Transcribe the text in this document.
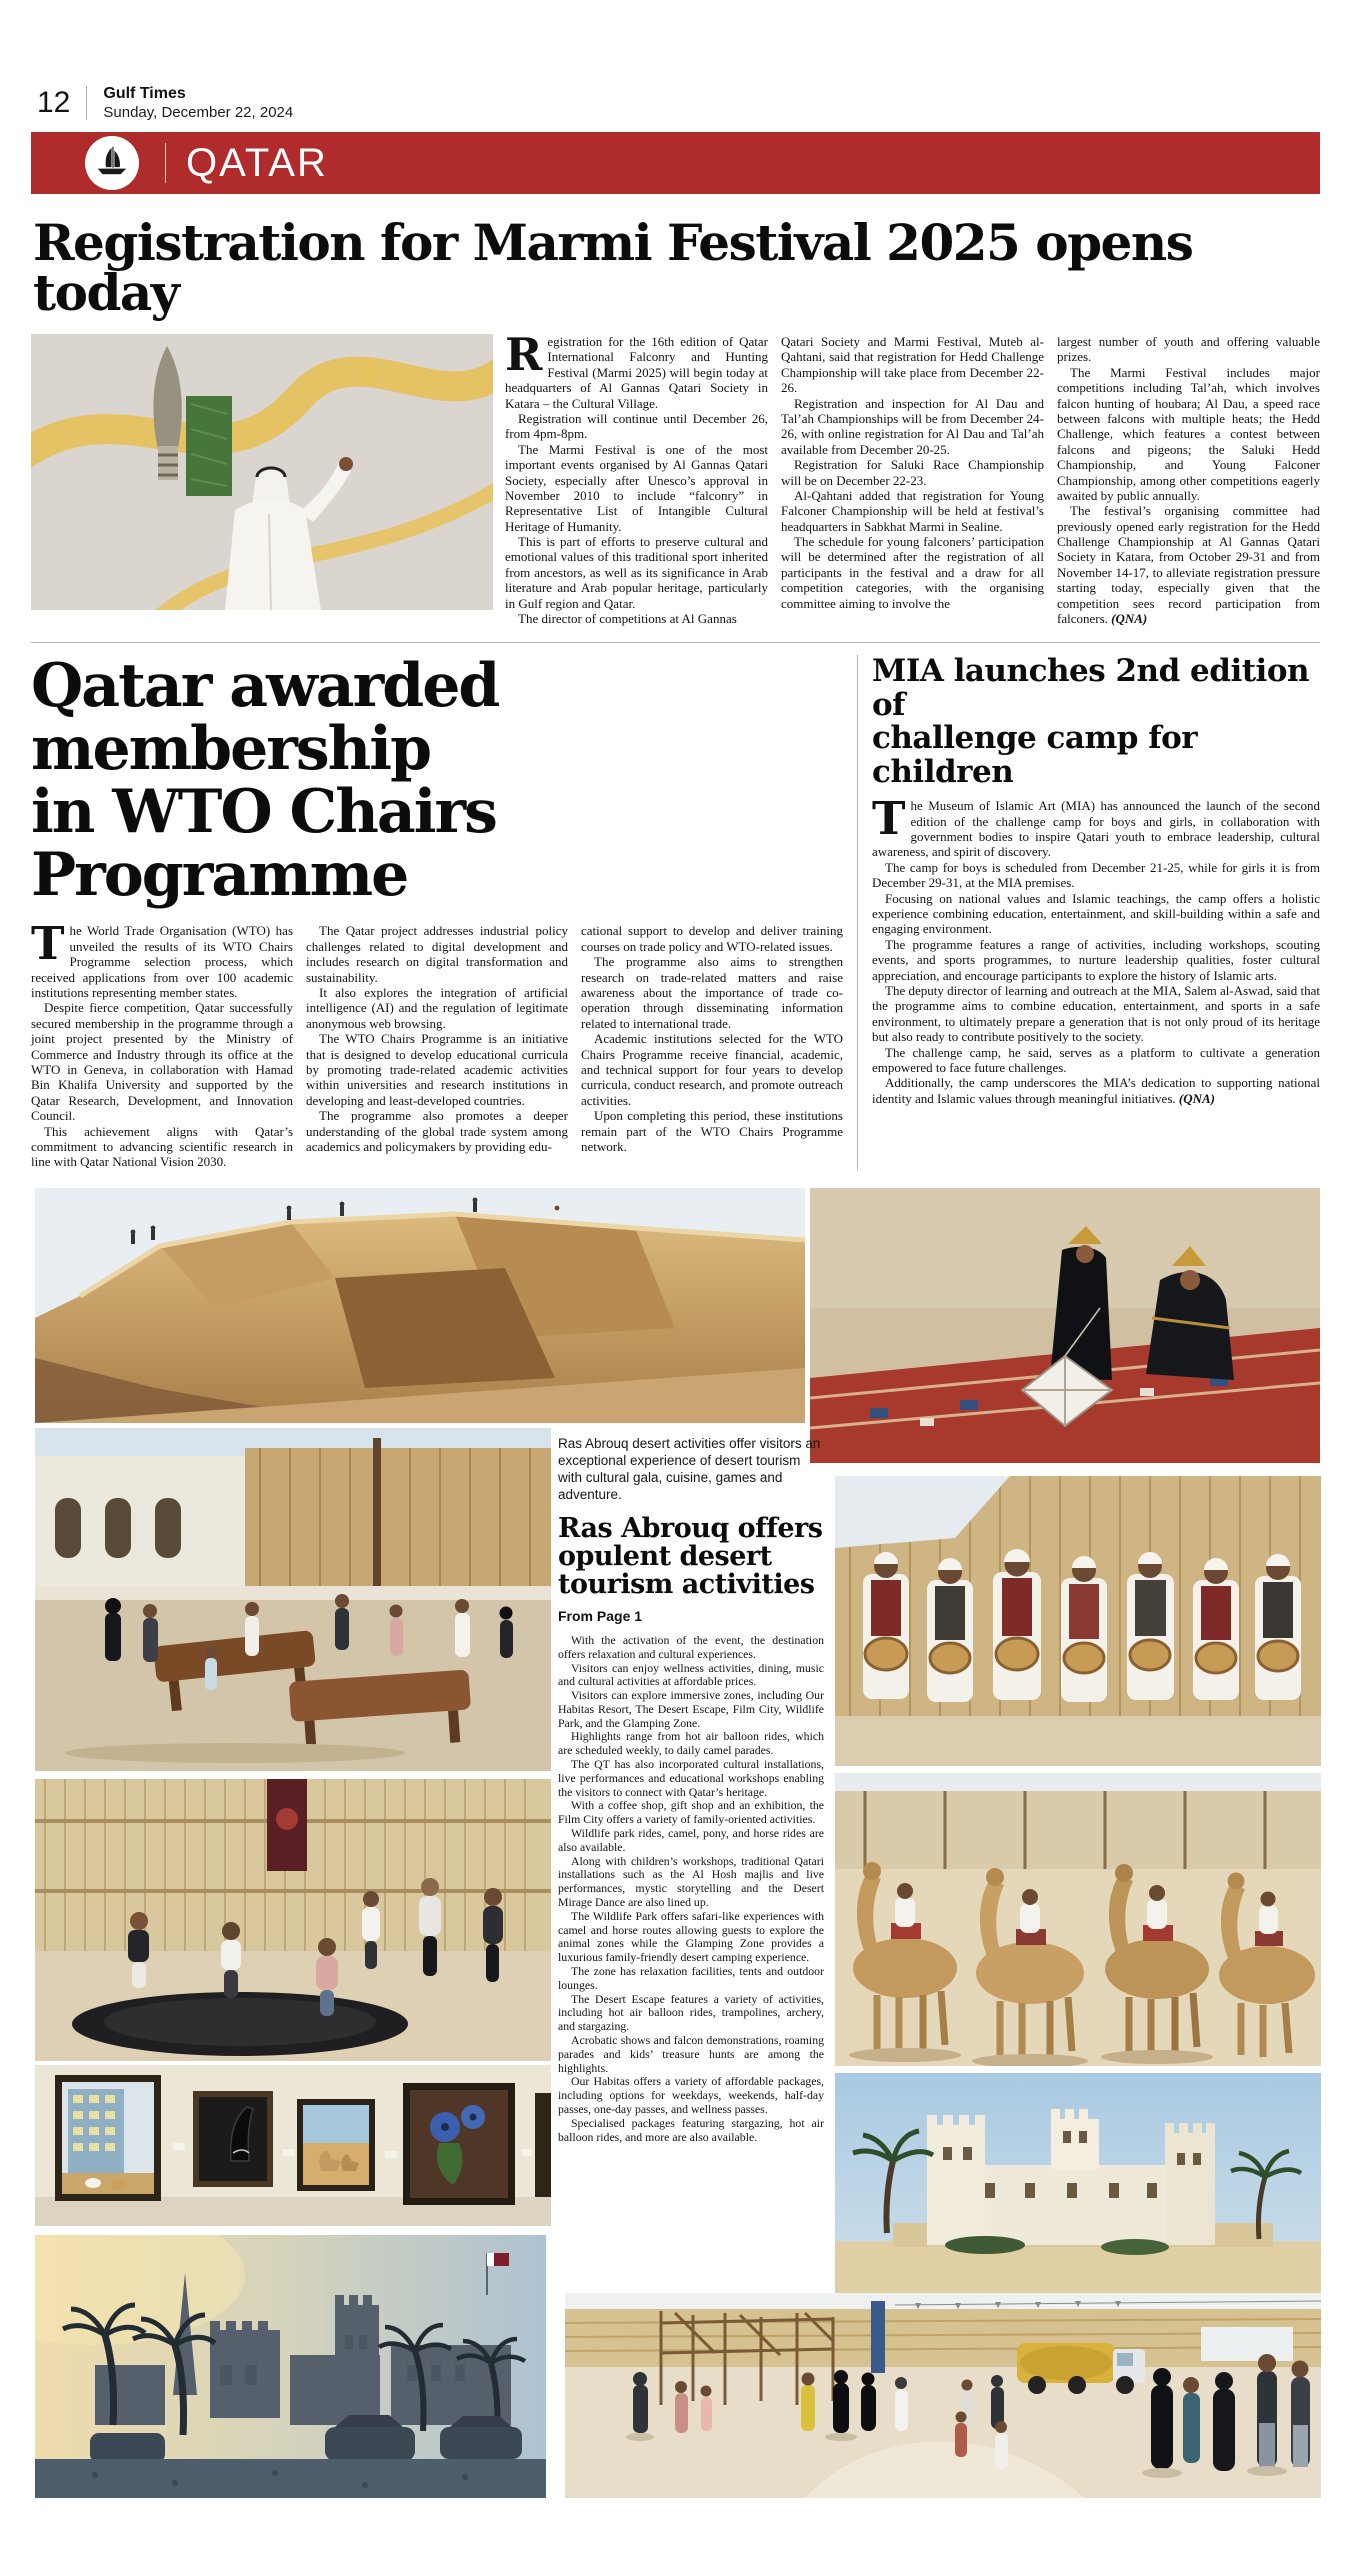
12 Gulf Times
Sunday, December 22, 2024
QATAR
Registration for Marmi Festival 2025 opens today

Registration for the 16th edition of Qatar International Falconry and Hunting Festival (Marmi 2025) will begin today at headquarters of Al Gannas Qatari Society in Katara – the Cultural Village.

Registration will continue until December 26, from 4pm-8pm.

The Marmi Festival is one of the most important events organised by Al Gannas Qatari Society, especially after Unesco’s approval in November 2010 to include “falconry” in Representative List of Intangible Cultural Heritage of Humanity.

This is part of efforts to preserve cultural and emotional values of this traditional sport inherited from ancestors, as well as its significance in Arab literature and Arab popular heritage, particularly in Gulf region and Qatar.

The director of competitions at Al Gannas

Qatari Society and Marmi Festival, Muteb al-Qahtani, said that registration for Hedd Challenge Championship will take place from December 22-26.

Registration and inspection for Al Dau and Tal’ah Championships will be from December 24-26, with online registration for Al Dau and Tal’ah available from December 20-25.

Registration for Saluki Race Championship will be on December 22-23.

Al-Qahtani added that registration for Young Falconer Championship will be held at festival’s headquarters in Sabkhat Marmi in Sealine.

The schedule for young falconers’ participation will be determined after the registration of all participants in the festival and a draw for all competition categories, with the organising committee aiming to involve the

largest number of youth and offering valuable prizes.

The Marmi Festival includes major competitions including Tal’ah, which involves falcon hunting of houbara; Al Dau, a speed race between falcons with multiple heats; the Hedd Challenge, which features a contest between falcons and pigeons; the Saluki Hedd Championship, and Young Falconer Championship, among other competitions eagerly awaited by public annually.

The festival’s organising committee had previously opened early registration for the Hedd Challenge Championship at Al Gannas Qatari Society in Katara, from October 29-31 and from November 14-17, to alleviate registration pressure starting today, especially given that the competition sees record participation from falconers. (QNA)

Qatar awarded membership
in WTO Chairs Programme

The World Trade Organisation (WTO) has unveiled the results of its WTO Chairs Programme selection process, which received applications from over 100 academic institutions representing member states.

Despite fierce competition, Qatar successfully secured membership in the programme through a joint project presented by the Ministry of Commerce and Industry through its office at the WTO in Geneva, in collaboration with Hamad Bin Khalifa University and supported by the Qatar Research, Development, and Innovation Council.

This achievement aligns with Qatar’s commitment to advancing scientific research in line with Qatar National Vision 2030.

The Qatar project addresses industrial policy challenges related to digital development and includes research on digital transformation and sustainability.

It also explores the integration of artificial intelligence (AI) and the regulation of legitimate anonymous web browsing.

The WTO Chairs Programme is an initiative that is designed to develop educational curricula by promoting trade-related academic activities within universities and research institutions in developing and least-developed countries.

The programme also promotes a deeper understanding of the global trade system among academics and policymakers by providing edu-

cational support to develop and deliver training courses on trade policy and WTO-related issues.

The programme also aims to strengthen research on trade-related matters and raise awareness about the importance of trade co-operation through disseminating information related to international trade.

Academic institutions selected for the WTO Chairs Programme receive financial, academic, and technical support for four years to develop curricula, conduct research, and promote outreach activities.

Upon completing this period, these institutions remain part of the WTO Chairs Programme network.

MIA launches 2nd edition of
challenge camp for children

The Museum of Islamic Art (MIA) has announced the launch of the second edition of the challenge camp for boys and girls, in collaboration with government bodies to inspire Qatari youth to embrace leadership, cultural awareness, and spirit of discovery.

The camp for boys is scheduled from December 21-25, while for girls it is from December 29-31, at the MIA premises.

Focusing on national values and Islamic teachings, the camp offers a holistic experience combining education, entertainment, and skill-building within a safe and engaging environment.

The programme features a range of activities, including workshops, scouting events, and sports programmes, to nurture leadership qualities, foster cultural appreciation, and encourage participants to explore the history of Islamic arts.

The deputy director of learning and outreach at the MIA, Salem al-Aswad, said that the programme aims to combine education, entertainment, and sports in a safe environment, to ultimately prepare a generation that is not only proud of its heritage but also ready to contribute positively to the society.

The challenge camp, he said, serves as a platform to cultivate a generation empowered to face future challenges.

Additionally, the camp underscores the MIA’s dedication to supporting national identity and Islamic values through meaningful initiatives. (QNA)

Ras Abrouq desert activities offer visitors an exceptional experience of desert tourism with cultural gala, cuisine, games and adventure.
Ras Abrouq offers
opulent desert
tourism activities
From Page 1

With the activation of the event, the destination offers relaxation and cultural experiences.

Visitors can enjoy wellness activities, dining, music and cultural activities at affordable prices.

Visitors can explore immersive zones, including Our Habitas Resort, The Desert Escape, Film City, Wildlife Park, and the Glamping Zone.

Highlights range from hot air balloon rides, which are scheduled weekly, to daily camel parades.

The QT has also incorporated cultural installations, live performances and educational workshops enabling the visitors to connect with Qatar’s heritage.

With a coffee shop, gift shop and an exhibition, the Film City offers a variety of family-oriented activities.

Wildlife park rides, camel, pony, and horse rides are also available.

Along with children’s workshops, traditional Qatari installations such as the Al Hosh majlis and live performances, mystic storytelling and the Desert Mirage Dance are also lined up.

The Wildlife Park offers safari-like experiences with camel and horse routes allowing guests to explore the animal zones while the Glamping Zone provides a luxurious family-friendly desert camping experience.

The zone has relaxation facilities, tents and outdoor lounges.

The Desert Escape features a variety of activities, including hot air balloon rides, trampolines, archery, and stargazing.

Acrobatic shows and falcon demonstrations, roaming parades and kids’ treasure hunts are among the highlights.

Our Habitas offers a variety of affordable packages, including options for weekdays, weekends, half-day passes, one-day passes, and wellness passes.

Specialised packages featuring stargazing, hot air balloon rides, and more are also available.
